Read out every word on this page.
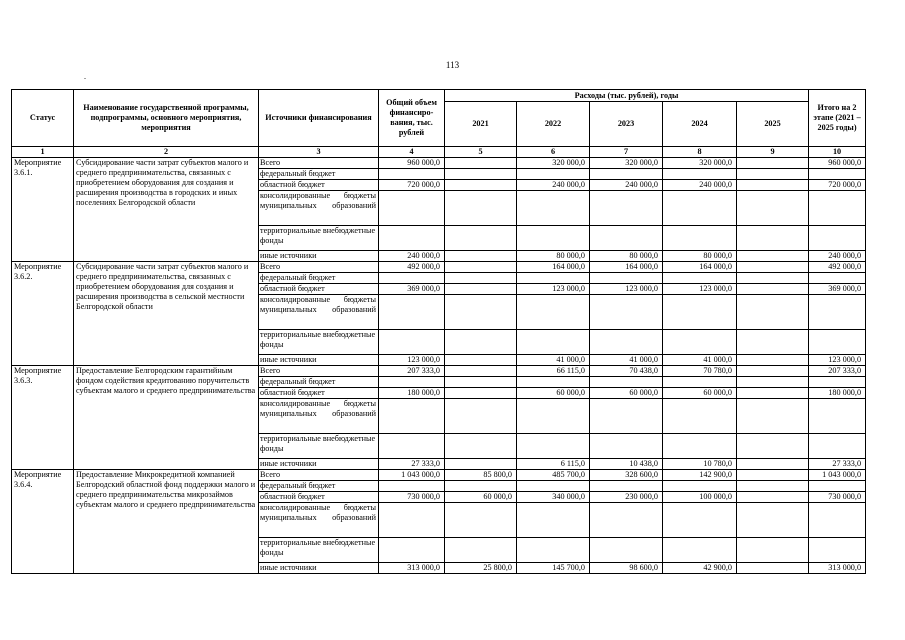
113
.
Статус	Наименование государственной программы, подпрограммы, основного мероприятия, мероприятия	Источники финансирования	Общий объем финансиро-вания, тыс. рублей	Расходы (тыс. рублей), годы					Итого на 2 этапе (2021 – 2025 годы)
				2021	2022	2023	2024	2025	
1	2	3	4	5	6	7	8	9	10
Мероприятие 3.6.1.	Субсидирование части затрат субъектов малого и среднего предпринимательства, связанных с приобретением оборудования для создания и расширения производства в городских и иных поселениях Белгородской области	Всего	960 000,0		320 000,0	320 000,0	320 000,0		960 000,0
		федеральный бюджет							
		областной бюджет	720 000,0		240 000,0	240 000,0	240 000,0		720 000,0
		консолидированные бюджеты муниципальных образований							
		территориальные внебюджетные фонды							
		иные источники	240 000,0		80 000,0	80 000,0	80 000,0		240 000,0
Мероприятие 3.6.2.	Субсидирование части затрат субъектов малого и среднего предпринимательства, связанных с приобретением оборудования для создания и расширения производства в сельской местности Белгородской области	Всего	492 000,0		164 000,0	164 000,0	164 000,0		492 000,0
		федеральный бюджет							
		областной бюджет	369 000,0		123 000,0	123 000,0	123 000,0		369 000,0
		консолидированные бюджеты муниципальных образований							
		территориальные внебюджетные фонды							
		иные источники	123 000,0		41 000,0	41 000,0	41 000,0		123 000,0
Мероприятие 3.6.3.	Предоставление Белгородским гарантийным фондом содействия кредитованию поручительств субъектам малого и среднего предпринимательства	Всего	207 333,0		66 115,0	70 438,0	70 780,0		207 333,0
		федеральный бюджет							
		областной бюджет	180 000,0		60 000,0	60 000,0	60 000,0		180 000,0
		консолидированные бюджеты муниципальных образований							
		территориальные внебюджетные фонды							
		иные источники	27 333,0		6 115,0	10 438,0	10 780,0		27 333,0
Мероприятие 3.6.4.	Предоставление Микрокредитной компанией Белгородский областной фонд поддержки малого и среднего предпринимательства микрозаймов субъектам малого и среднего предпринимательства	Всего	1 043 000,0	85 800,0	485 700,0	328 600,0	142 900,0		1 043 000,0
		федеральный бюджет							
		областной бюджет	730 000,0	60 000,0	340 000,0	230 000,0	100 000,0		730 000,0
		консолидированные бюджеты муниципальных образований							
		территориальные внебюджетные фонды							
		иные источники	313 000,0	25 800,0	145 700,0	98 600,0	42 900,0		313 000,0
